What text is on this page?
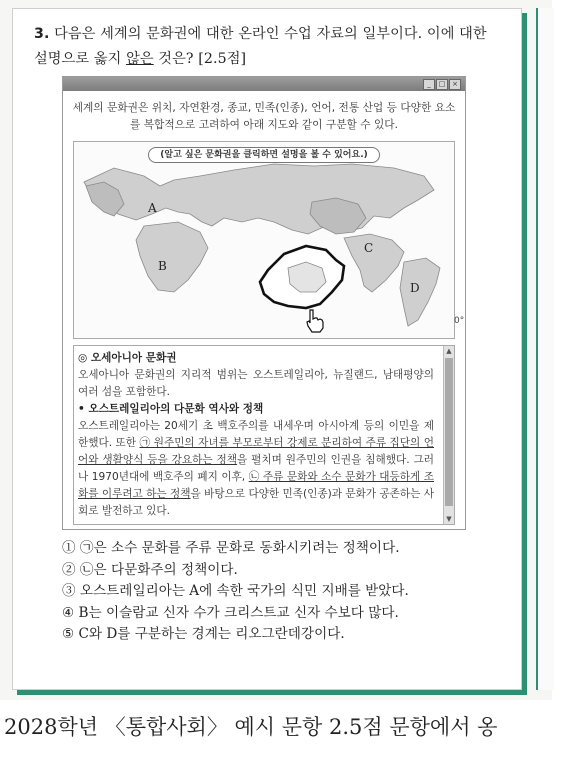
3. 다음은 세계의 문화권에 대한 온라인 수업 자료의 일부이다. 이에 대한 설명으로 옳지 않은 것은? [2.5점]
_	□ ×
세계의 문화권은 위치, 자연환경, 종교, 민족(인종), 언어, 전통 산업 등 다양한 요소를 복합적으로 고려하여 아래 지도와 같이 구분할 수 있다.
(알고 싶은 문화권을 클릭하면 설명을 볼 수 있어요.)
A
B
C
D
0°

◎ 오세아니아 문화권

오세아니아 문화권의 지리적 범위는 오스트레일리아, 뉴질랜드, 남태평양의 여러 섬을 포함한다.

• 오스트레일리아의 다문화 역사와 정책

오스트레일리아는 20세기 초 백호주의를 내세우며 아시아계 등의 이민을 제한했다. 또한 ㉠ 원주민의 자녀를 부모로부터 강제로 분리하여 주류 집단의 언어와 생활양식 등을 강요하는 정책을 펼치며 원주민의 인권을 침해했다. 그러나 1970년대에 백호주의 폐지 이후, ㉡ 주류 문화와 소수 문화가 대등하게 조화를 이루려고 하는 정책을 바탕으로 다양한 민족(인종)과 문화가 공존하는 사회로 발전하고 있다.

▲
▼
① ㉠은 소수 문화를 주류 문화로 동화시키려는 정책이다.
② ㉡은 다문화주의 정책이다.
③ 오스트레일리아는 A에 속한 국가의 식민 지배를 받았다.
④ B는 이슬람교 신자 수가 크리스트교 신자 수보다 많다.
⑤ C와 D를 구분하는 경계는 리오그란데강이다.
2028학년 〈통합사회〉 예시 문항 2.5점 문항에서 옹
